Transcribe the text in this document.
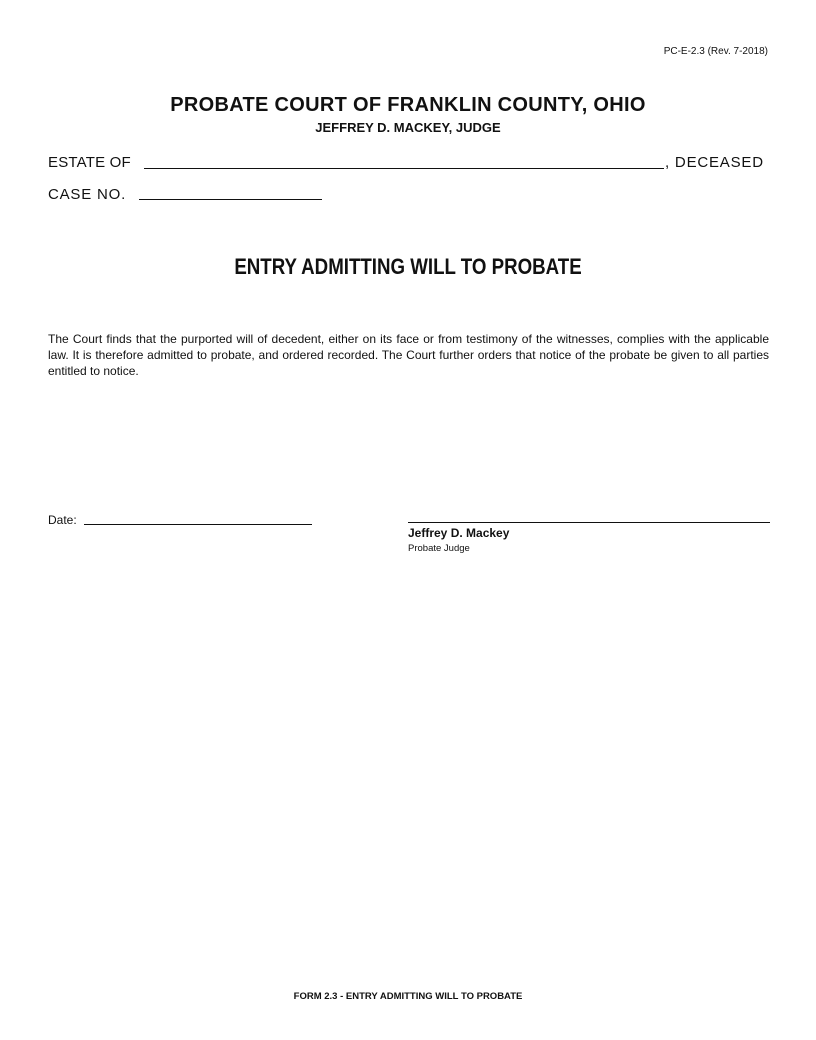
PC-E-2.3 (Rev. 7-2018)
PROBATE COURT OF FRANKLIN COUNTY, OHIO
JEFFREY D. MACKEY, JUDGE
ESTATE OF	, DECEASED
CASE NO.
ENTRY ADMITTING WILL TO PROBATE
The Court finds that the purported will of decedent, either on its face or from testimony of the witnesses, complies with the applicable law. It is therefore admitted to probate, and ordered recorded. The Court further orders that notice of the probate be given to all parties entitled to notice.
Date:
Jeffrey D. Mackey
Probate Judge
FORM 2.3 - ENTRY ADMITTING WILL TO PROBATE
